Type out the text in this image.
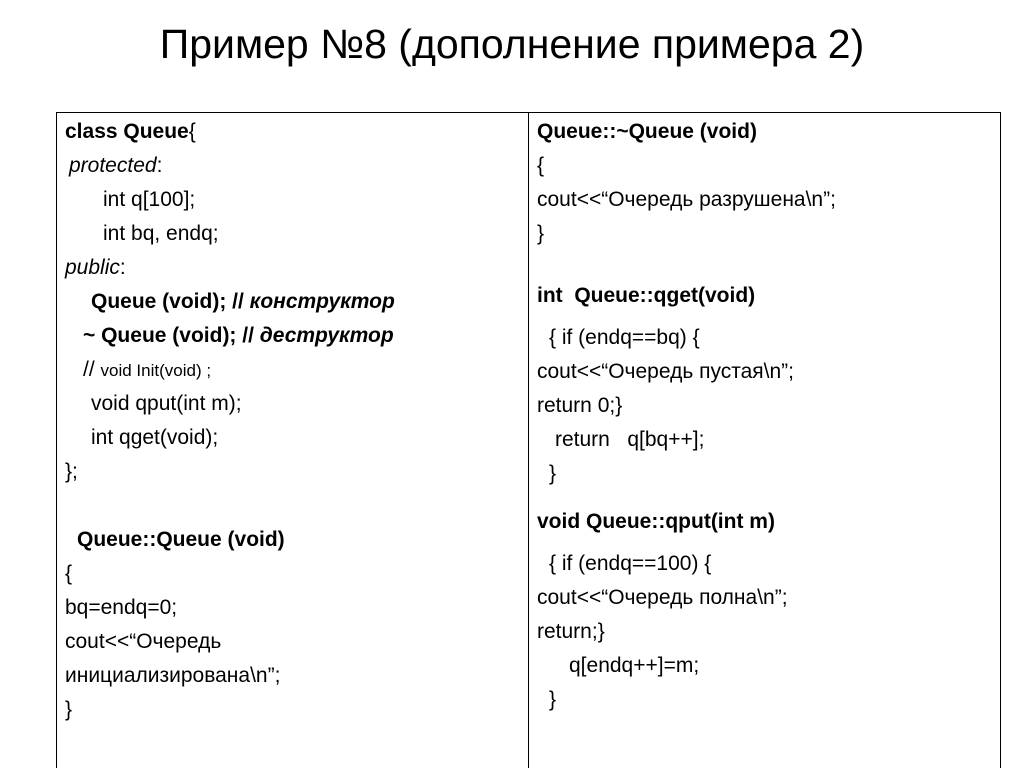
Пример №8 (дополнение примера 2)
class Queue{
protected:
int q[100];
int bq, endq;
public:
Queue (void); // конструктор
~ Queue (void); // деструктор
// void Init(void) ;
void qput(int m);
int qget(void);
};
Queue::Queue (void)
{
bq=endq=0;
cout<<“Очередь
инициализирована\n”;
}
Queue::~Queue (void)
{
cout<<“Очередь разрушена\n”;
}
int  Queue::qget(void)
{ if (endq==bq) {
cout<<“Очередь пустая\n”;
return 0;}
return   q[bq++];
}
void Queue::qput(int m)
{ if (endq==100) {
cout<<“Очередь полна\n”;
return;}
q[endq++]=m;
}
